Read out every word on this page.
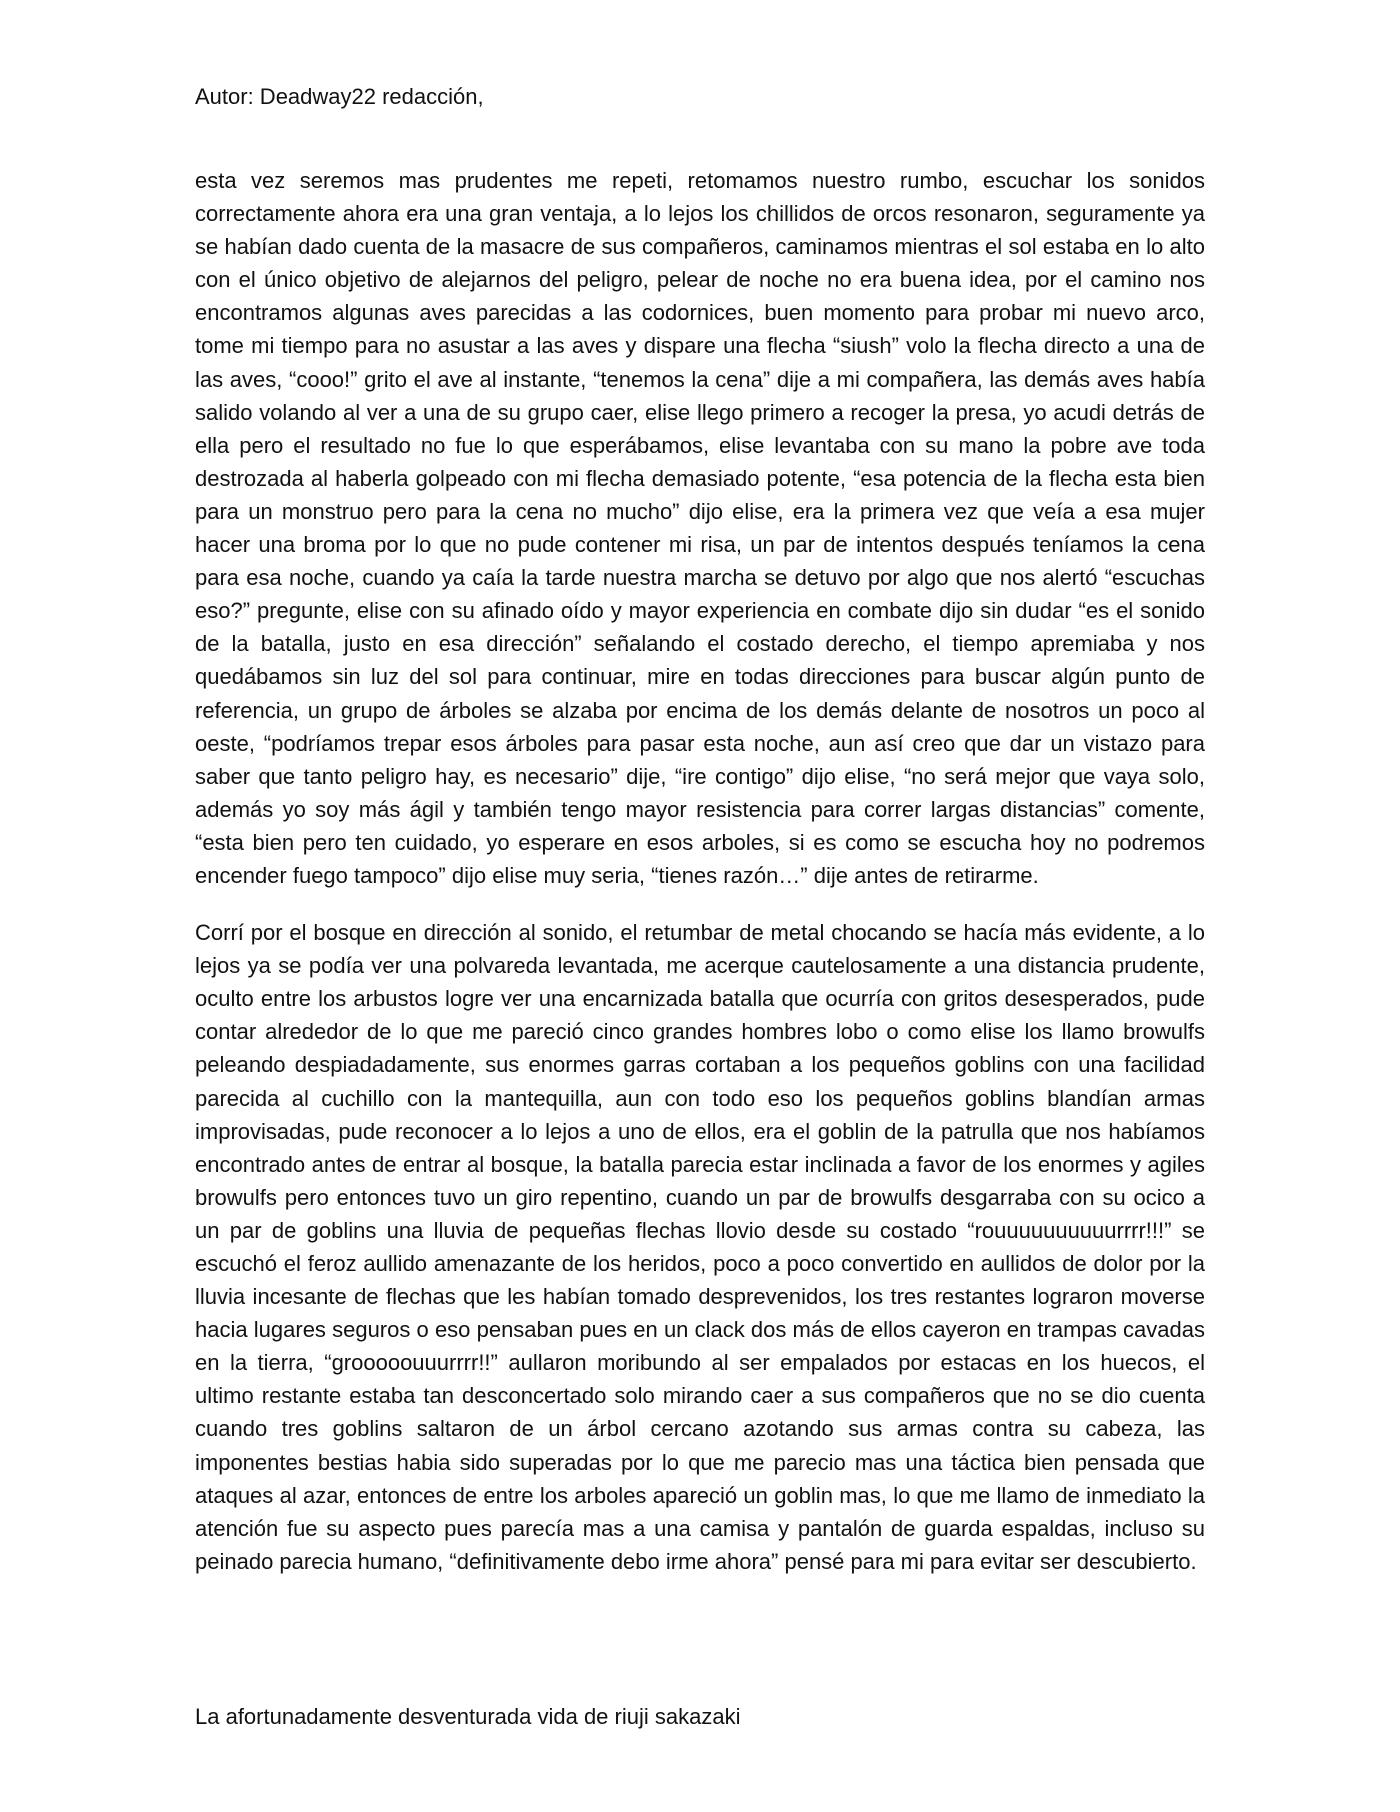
Autor: Deadway22 redacción,

esta vez seremos mas prudentes me repeti, retomamos nuestro rumbo, escuchar los sonidos correctamente ahora era una gran ventaja, a lo lejos los chillidos de orcos resonaron, seguramente ya se habían dado cuenta de la masacre de sus compañeros, caminamos mientras el sol estaba en lo alto con el único objetivo de alejarnos del peligro, pelear de noche no era buena idea, por el camino nos encontramos algunas aves parecidas a las codornices, buen momento para probar mi nuevo arco, tome mi tiempo para no asustar a las aves y dispare una flecha “siush” volo la flecha directo a una de las aves, “cooo!” grito el ave al instante, “tenemos la cena” dije a mi compañera, las demás aves había salido volando al ver a una de su grupo caer, elise llego primero a recoger la presa, yo acudi detrás de ella pero el resultado no fue lo que esperábamos, elise levantaba con su mano la pobre ave toda destrozada al haberla golpeado con mi flecha demasiado potente, “esa potencia de la flecha esta bien para un monstruo pero para la cena no mucho” dijo elise, era la primera vez que veía a esa mujer hacer una broma por lo que no pude contener mi risa, un par de intentos después teníamos la cena para esa noche, cuando ya caía la tarde nuestra marcha se detuvo por algo que nos alertó “escuchas eso?” pregunte, elise con su afinado oído y mayor experiencia en combate dijo sin dudar “es el sonido de la batalla, justo en esa dirección” señalando el costado derecho, el tiempo apremiaba y nos quedábamos sin luz del sol para continuar, mire en todas direcciones para buscar algún punto de referencia, un grupo de árboles se alzaba por encima de los demás delante de nosotros un poco al oeste, “podríamos trepar esos árboles para pasar esta noche, aun así creo que dar un vistazo para saber que tanto peligro hay, es necesario” dije, “ire contigo” dijo elise, “no será mejor que vaya solo, además yo soy más ágil y también tengo mayor resistencia para correr largas distancias” comente, “esta bien pero ten cuidado, yo esperare en esos arboles, si es como se escucha hoy no podremos encender fuego tampoco” dijo elise muy seria, “tienes razón…” dije antes de retirarme.

Corrí por el bosque en dirección al sonido, el retumbar de metal chocando se hacía más evidente, a lo lejos ya se podía ver una polvareda levantada, me acerque cautelosamente a una distancia prudente, oculto entre los arbustos logre ver una encarnizada batalla que ocurría con gritos desesperados, pude contar alrededor de lo que me pareció cinco grandes hombres lobo o como elise los llamo browulfs peleando despiadadamente, sus enormes garras cortaban a los pequeños goblins con una facilidad parecida al cuchillo con la mantequilla, aun con todo eso los pequeños goblins blandían armas improvisadas, pude reconocer a lo lejos a uno de ellos, era el goblin de la patrulla que nos habíamos encontrado antes de entrar al bosque, la batalla parecia estar inclinada a favor de los enormes y agiles browulfs pero entonces tuvo un giro repentino, cuando un par de browulfs desgarraba con su ocico a un par de goblins una lluvia de pequeñas flechas llovio desde su costado “rouuuuuuuuuurrrr!!!” se escuchó el feroz aullido amenazante de los heridos, poco a poco convertido en aullidos de dolor por la lluvia incesante de flechas que les habían tomado desprevenidos, los tres restantes lograron moverse hacia lugares seguros o eso pensaban pues en un clack dos más de ellos cayeron en trampas cavadas en la tierra, “grooooouuurrrr!!” aullaron moribundo al ser empalados por estacas en los huecos, el ultimo restante estaba tan desconcertado solo mirando caer a sus compañeros que no se dio cuenta cuando tres goblins saltaron de un árbol cercano azotando sus armas contra su cabeza, las imponentes bestias habia sido superadas por lo que me parecio mas una táctica bien pensada que ataques al azar, entonces de entre los arboles apareció un goblin mas, lo que me llamo de inmediato la atención fue su aspecto pues parecía mas a una camisa y pantalón de guarda espaldas, incluso su peinado parecia humano, “definitivamente debo irme ahora” pensé para mi para evitar ser descubierto.

La afortunadamente desventurada vida de riuji sakazaki
